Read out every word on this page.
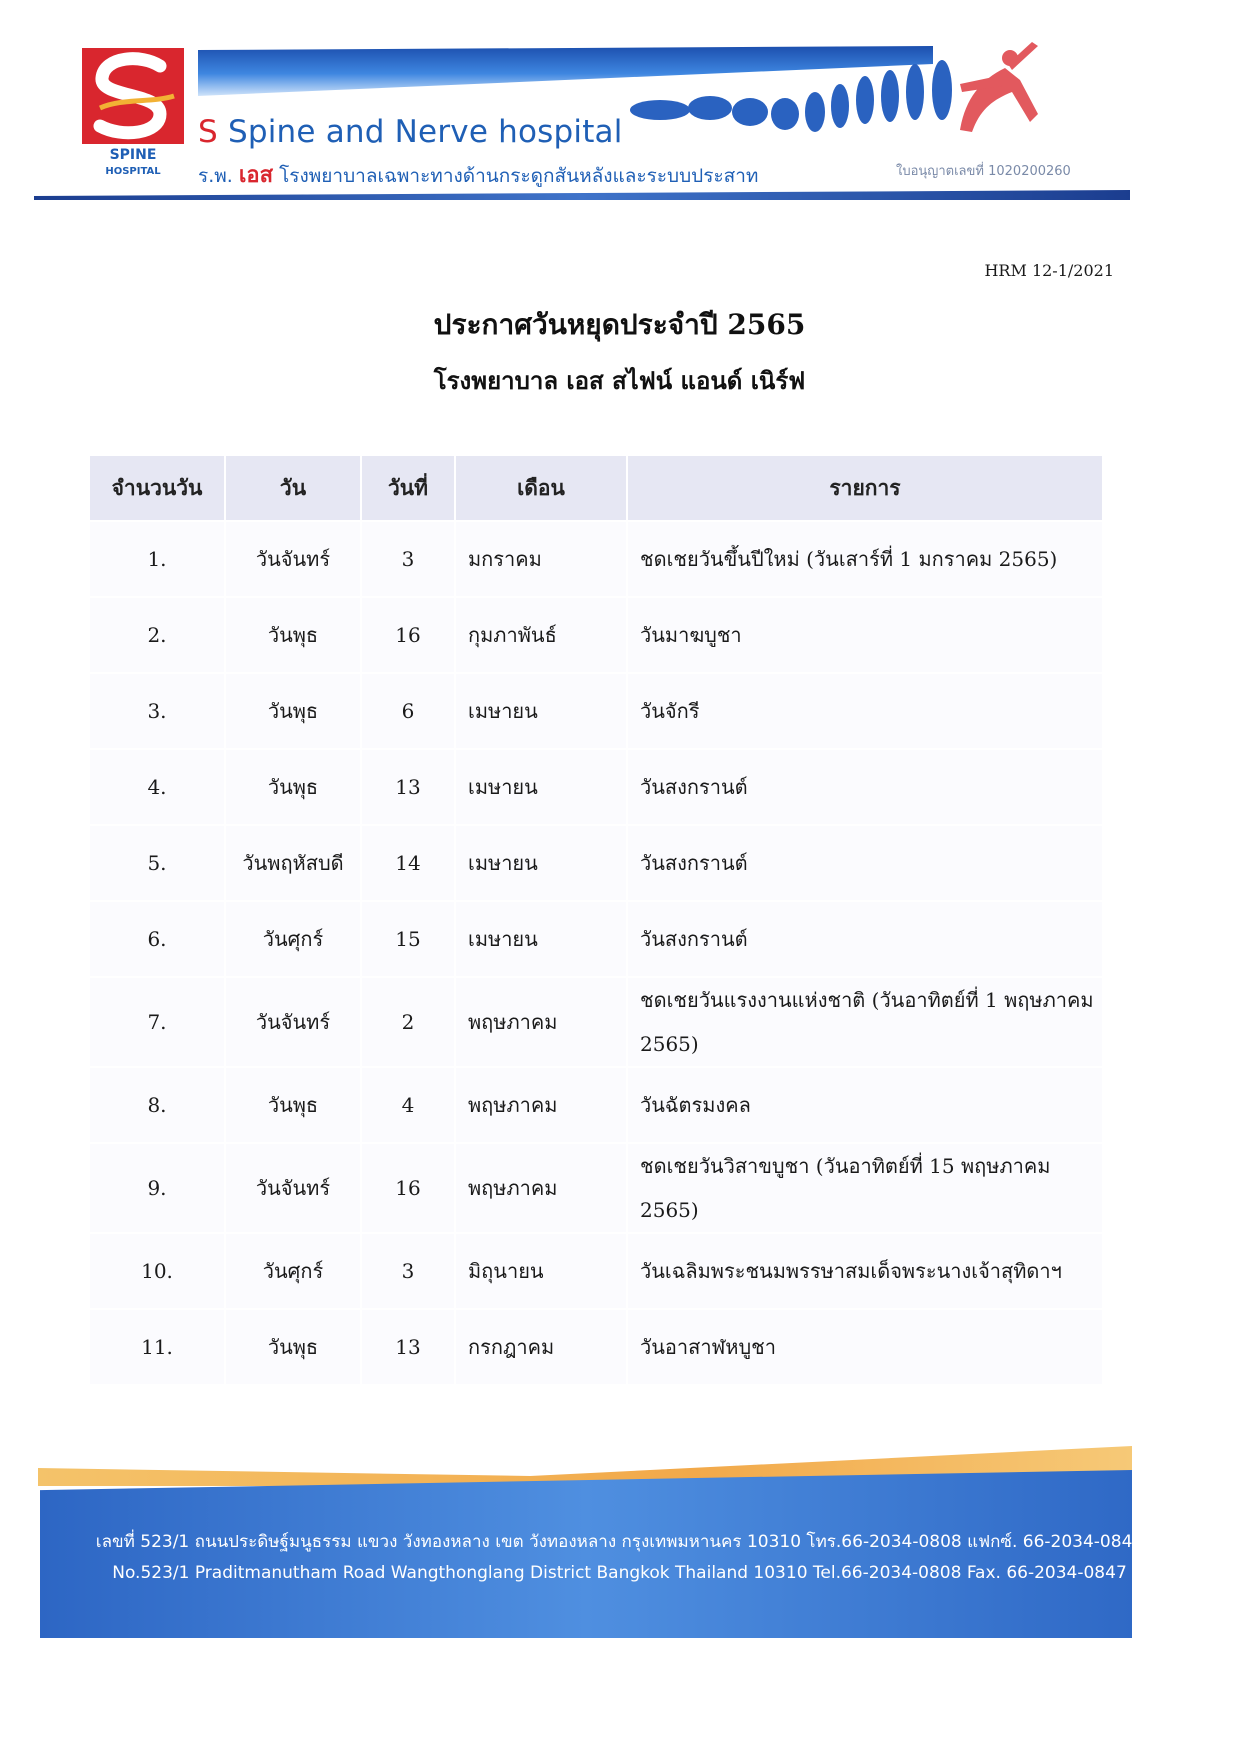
SPINE
HOSPITAL
S Spine and Nerve hospital
ร.พ. เอส โรงพยาบาลเฉพาะทางด้านกระดูกสันหลังและระบบประสาท	ใบอนุญาตเลขที่ 1020200260
HRM 12-1/2021
ประกาศวันหยุดประจำปี 2565
โรงพยาบาล เอส สไฟน์ แอนด์ เนิร์ฟ
จำนวนวัน	วัน	วันที่	เดือน	รายการ
1.	วันจันทร์	3	มกราคม	ชดเชยวันขึ้นปีใหม่ (วันเสาร์ที่ 1 มกราคม 2565)
2.	วันพุธ	16	กุมภาพันธ์	วันมาฆบูชา
3.	วันพุธ	6	เมษายน	วันจักรี
4.	วันพุธ	13	เมษายน	วันสงกรานต์
5.	วันพฤหัสบดี	14	เมษายน	วันสงกรานต์
6.	วันศุกร์	15	เมษายน	วันสงกรานต์
7.	วันจันทร์	2	พฤษภาคม	ชดเชยวันแรงงานแห่งชาติ (วันอาทิตย์ที่ 1 พฤษภาคม 2565)
8.	วันพุธ	4	พฤษภาคม	วันฉัตรมงคล
9.	วันจันทร์	16	พฤษภาคม	ชดเชยวันวิสาขบูชา (วันอาทิตย์ที่ 15 พฤษภาคม 2565)
10.	วันศุกร์	3	มิถุนายน	วันเฉลิมพระชนมพรรษาสมเด็จพระนางเจ้าสุทิดาฯ
11.	วันพุธ	13	กรกฎาคม	วันอาสาฬหบูชา
เลขที่ 523/1 ถนนประดิษฐ์มนูธรรม แขวง วังทองหลาง เขต วังทองหลาง กรุงเทพมหานคร 10310 โทร.66-2034-0808 แฟกซ์. 66-2034-0847
No.523/1 Praditmanutham Road Wangthonglang District Bangkok Thailand 10310 Tel.66-2034-0808 Fax. 66-2034-0847
